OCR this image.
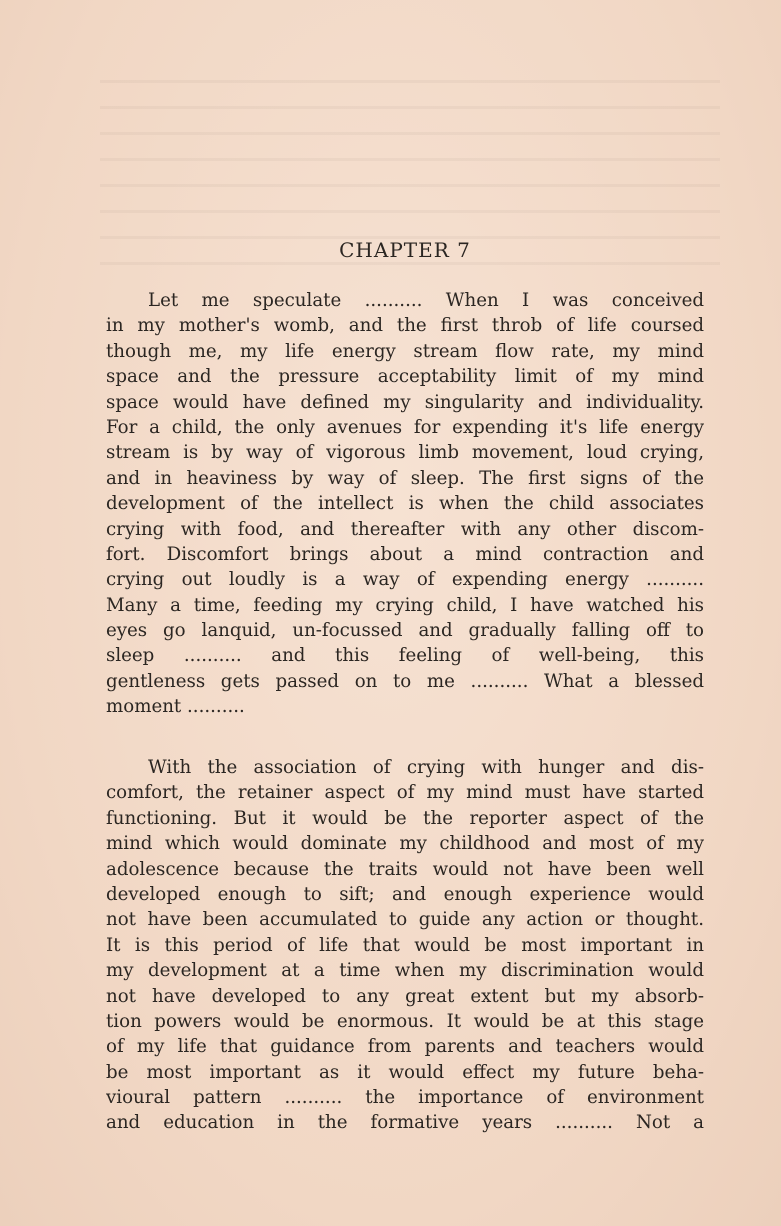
CHAPTER 7
Let me speculate .......... When I was conceived
in my mother's womb, and the first throb of life coursed
though me, my life energy stream flow rate, my mind
space and the pressure acceptability limit of my mind
space would have defined my singularity and individuality.
For a child, the only avenues for expending it's life energy
stream is by way of vigorous limb movement, loud crying,
and in heaviness by way of sleep. The first signs of the
development of the intellect is when the child associates
crying with food, and thereafter with any other discom-
fort. Discomfort brings about a mind contraction and
crying out loudly is a way of expending energy ..........
Many a time, feeding my crying child, I have watched his
eyes go lanquid, un-focussed and gradually falling off to
sleep .......... and this feeling of well-being, this
gentleness gets passed on to me .......... What a blessed
moment ..........
With the association of crying with hunger and dis-
comfort, the retainer aspect of my mind must have started
functioning. But it would be the reporter aspect of the
mind which would dominate my childhood and most of my
adolescence because the traits would not have been well
developed enough to sift; and enough experience would
not have been accumulated to guide any action or thought.
It is this period of life that would be most important in
my development at a time when my discrimination would
not have developed to any great extent but my absorb-
tion powers would be enormous. It would be at this stage
of my life that guidance from parents and teachers would
be most important as it would effect my future beha-
vioural pattern .......... the importance of environment
and education in the formative years .......... Not a
